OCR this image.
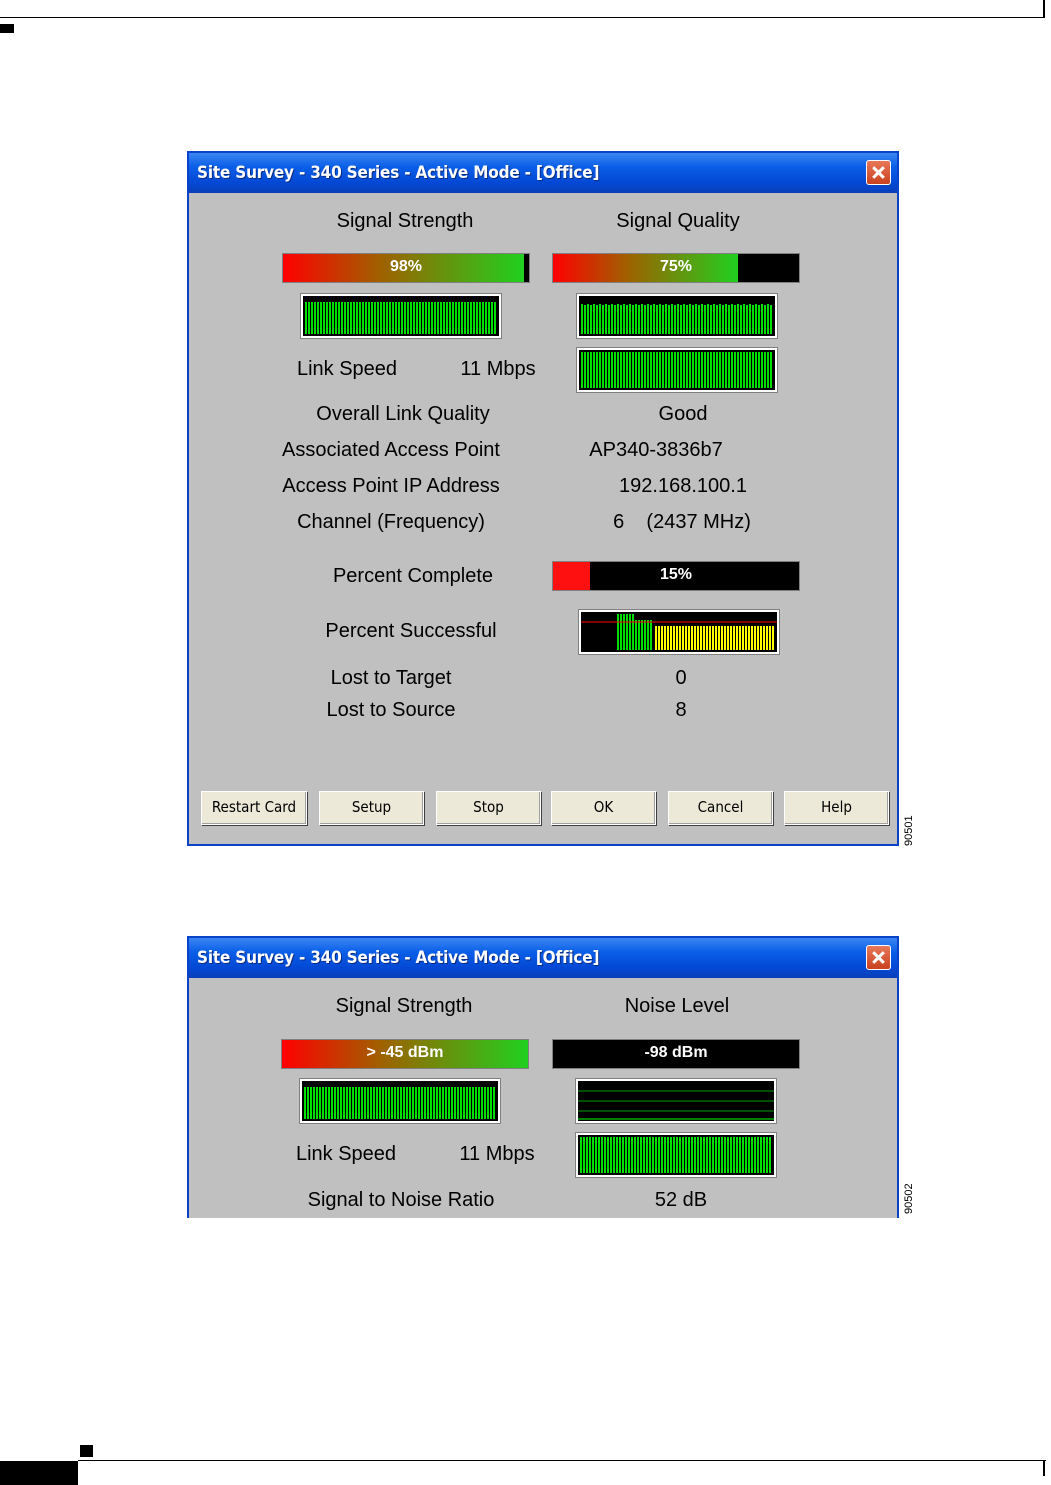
Site Survey - 340 Series - Active Mode - [Office]
Signal Strength	Signal Quality
98%	75%
Link Speed	11 Mbps
Overall Link Quality	Good
Associated Access Point	AP340-3836b7
Access Point IP Address	192.168.100.1
Channel (Frequency)	6    (2437 MHz)
Percent Complete	15%
Percent Successful
Lost to Target	0
Lost to Source	8
Restart Card	Setup	Stop	OK	Cancel	Help
90501
Site Survey - 340 Series - Active Mode - [Office]
Signal Strength	Noise Level
> -45 dBm	-98 dBm
Link Speed	11 Mbps
Signal to Noise Ratio	52 dB	90502
